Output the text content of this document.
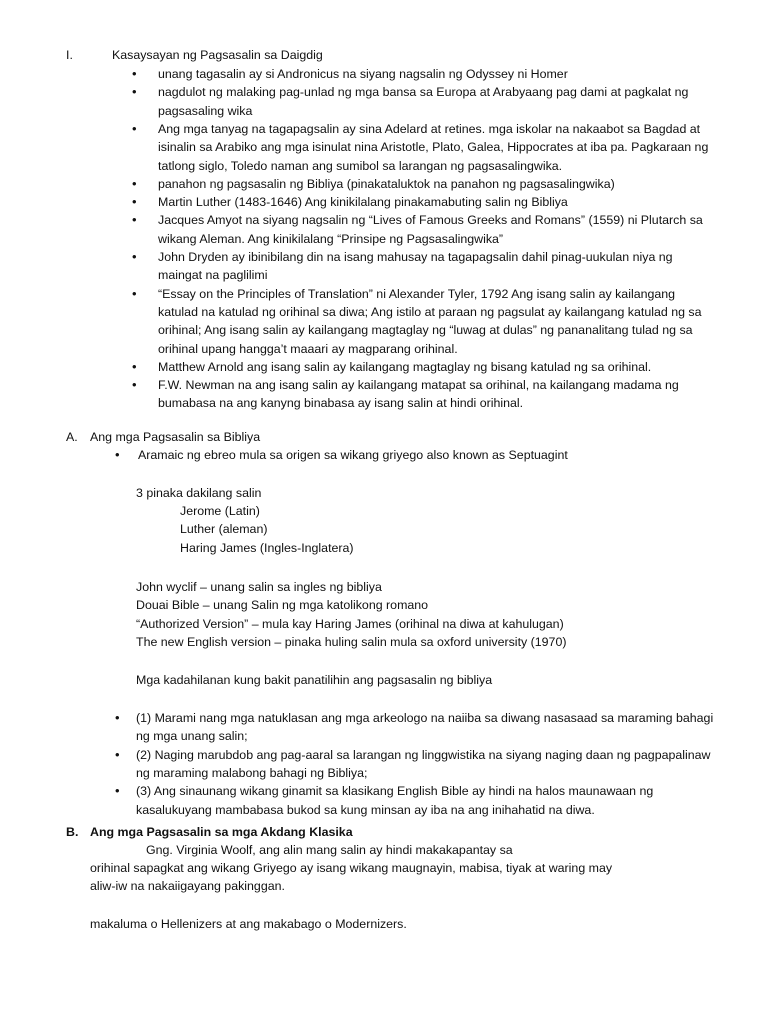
I.	Kasaysayan ng Pagsasalin sa Daigdig
• unang tagasalin ay si Andronicus na siyang nagsalin ng Odyssey ni Homer
• nagdulot ng malaking pag-unlad ng mga bansa sa Europa at Arabyaang pag dami at pagkalat ng
pagsasaling wika
• Ang mga tanyag na tagapagsalin ay sina Adelard at retines. mga iskolar na nakaabot sa Bagdad at
isinalin sa Arabiko ang mga isinulat nina Aristotle, Plato, Galea, Hippocrates at iba pa. Pagkaraan ng
tatlong siglo, Toledo naman ang sumibol sa larangan ng pagsasalingwika.
• panahon ng pagsasalin ng Bibliya (pinakataluktok na panahon ng pagsasalingwika)
• Martin Luther (1483-1646) Ang kinikilalang pinakamabuting salin ng Bibliya
• Jacques Amyot na siyang nagsalin ng “Lives of Famous Greeks and Romans” (1559) ni Plutarch sa
wikang Aleman. Ang kinikilalang “Prinsipe ng Pagsasalingwika”
• John Dryden ay ibinibilang din na isang mahusay na tagapagsalin dahil pinag-uukulan niya ng
maingat na paglilimi
• “Essay on the Principles of Translation” ni Alexander Tyler, 1792 Ang isang salin ay kailangang
katulad na katulad ng orihinal sa diwa; Ang istilo at paraan ng pagsulat ay kailangang katulad ng sa
orihinal; Ang isang salin ay kailangang magtaglay ng “luwag at dulas” ng pananalitang tulad ng sa
orihinal upang hangga’t maaari ay magparang orihinal.
• Matthew Arnold ang isang salin ay kailangang magtaglay ng bisang katulad ng sa orihinal.
• F.W. Newman na ang isang salin ay kailangang matapat sa orihinal, na kailangang madama ng
bumabasa na ang kanyng binabasa ay isang salin at hindi orihinal.
A. Ang mga Pagsasalin sa Bibliya
• Aramaic ng ebreo mula sa origen sa wikang griyego also known as Septuagint
3 pinaka dakilang salin
Jerome (Latin)
Luther (aleman)
Haring James (Ingles-Inglatera)
John wyclif – unang salin sa ingles ng bibliya
Douai Bible – unang Salin ng mga katolikong romano
“Authorized Version” – mula kay Haring James (orihinal na diwa at kahulugan)
The new English version – pinaka huling salin mula sa oxford university (1970)
Mga kadahilanan kung bakit panatilihin ang pagsasalin ng bibliya
• (1) Marami nang mga natuklasan ang mga arkeologo na naiiba sa diwang nasasaad sa maraming bahagi
ng mga unang salin;
• (2) Naging marubdob ang pag-aaral sa larangan ng linggwistika na siyang naging daan ng pagpapalinaw
ng maraming malabong bahagi ng Bibliya;
• (3) Ang sinaunang wikang ginamit sa klasikang English Bible ay hindi na halos maunawaan ng
kasalukuyang mambabasa bukod sa kung minsan ay iba na ang inihahatid na diwa.
B. Ang mga Pagsasalin sa mga Akdang Klasika
Gng. Virginia Woolf, ang alin mang salin ay hindi makakapantay sa
orihinal sapagkat ang wikang Griyego ay isang wikang maugnayin, mabisa, tiyak at waring may
aliw-iw na nakaiigayang pakinggan.
makaluma o Hellenizers at ang makabago o Modernizers.
